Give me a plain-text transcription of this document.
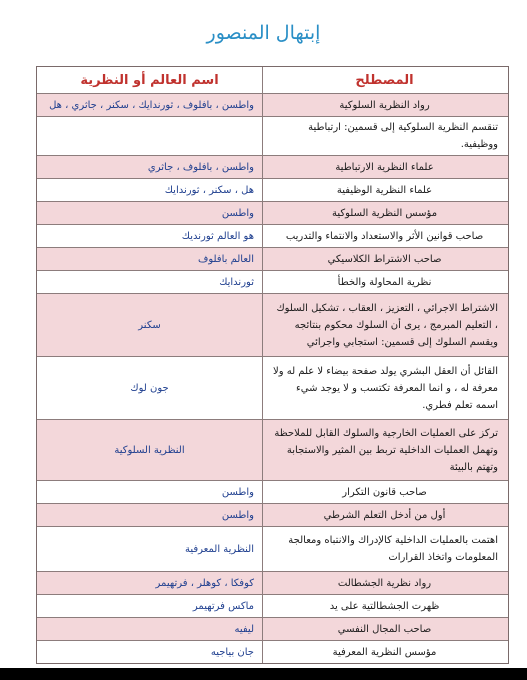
إبتهال المنصور
المصطلح
اسم العالم أو النظرية
رواد النظرية السلوكية
واطسن ، بافلوف ، ثورندايك ، سكنر ، جاثري ، هل
تنقسم النظرية السلوكية إلى قسمين: ارتباطية ووظيفية.
علماء النظرية الارتباطية
واطسن ، بافلوف ، جاثري
علماء النظرية الوظيفية
هل ، سكنر ، ثورندايك
مؤسس النظرية السلوكية
واطسن
صاحب قوانين الأثر والاستعداد والانتماء والتدريب
هو العالم ثورنديك
صاحب الاشتراط الكلاسيكي
العالم بافلوف
نظرية المحاولة والخطأ
ثورندايك
الاشتراط الاجرائي ، التعزيز ، العقاب ، تشكيل السلوك ، التعليم المبرمج ، يرى أن السلوك محكوم بنتائجه ويقسم السلوك إلى قسمين: استجابي واجرائي
سكنر
القائل أن العقل البشري يولد صفحة بيضاء لا علم له ولا معرفة له ، و انما المعرفة تكتسب و لا يوجد شيء اسمه تعلم فطري.
جون لوك
تركز على العمليات الخارجية والسلوك القابل للملاحظة وتهمل العمليات الداخلية تربط بين المثير والاستجابة وتهتم بالبيئة
النظرية السلوكية
صاحب قانون التكرار
واطسن
أول من أدخل التعلم الشرطي
واطسن
اهتمت بالعمليات الداخلية كالإدراك والانتباه ومعالجة المعلومات واتخاذ القرارات
النظرية المعرفية
رواد نظرية الجشطالت
كوفكا ، كوهلر ، فرتهيمر
ظهرت الجشطالتية على يد
ماكس فرتهيمر
صاحب المجال النفسي
ليفيه
مؤسس النظرية المعرفية
جان بياجيه
